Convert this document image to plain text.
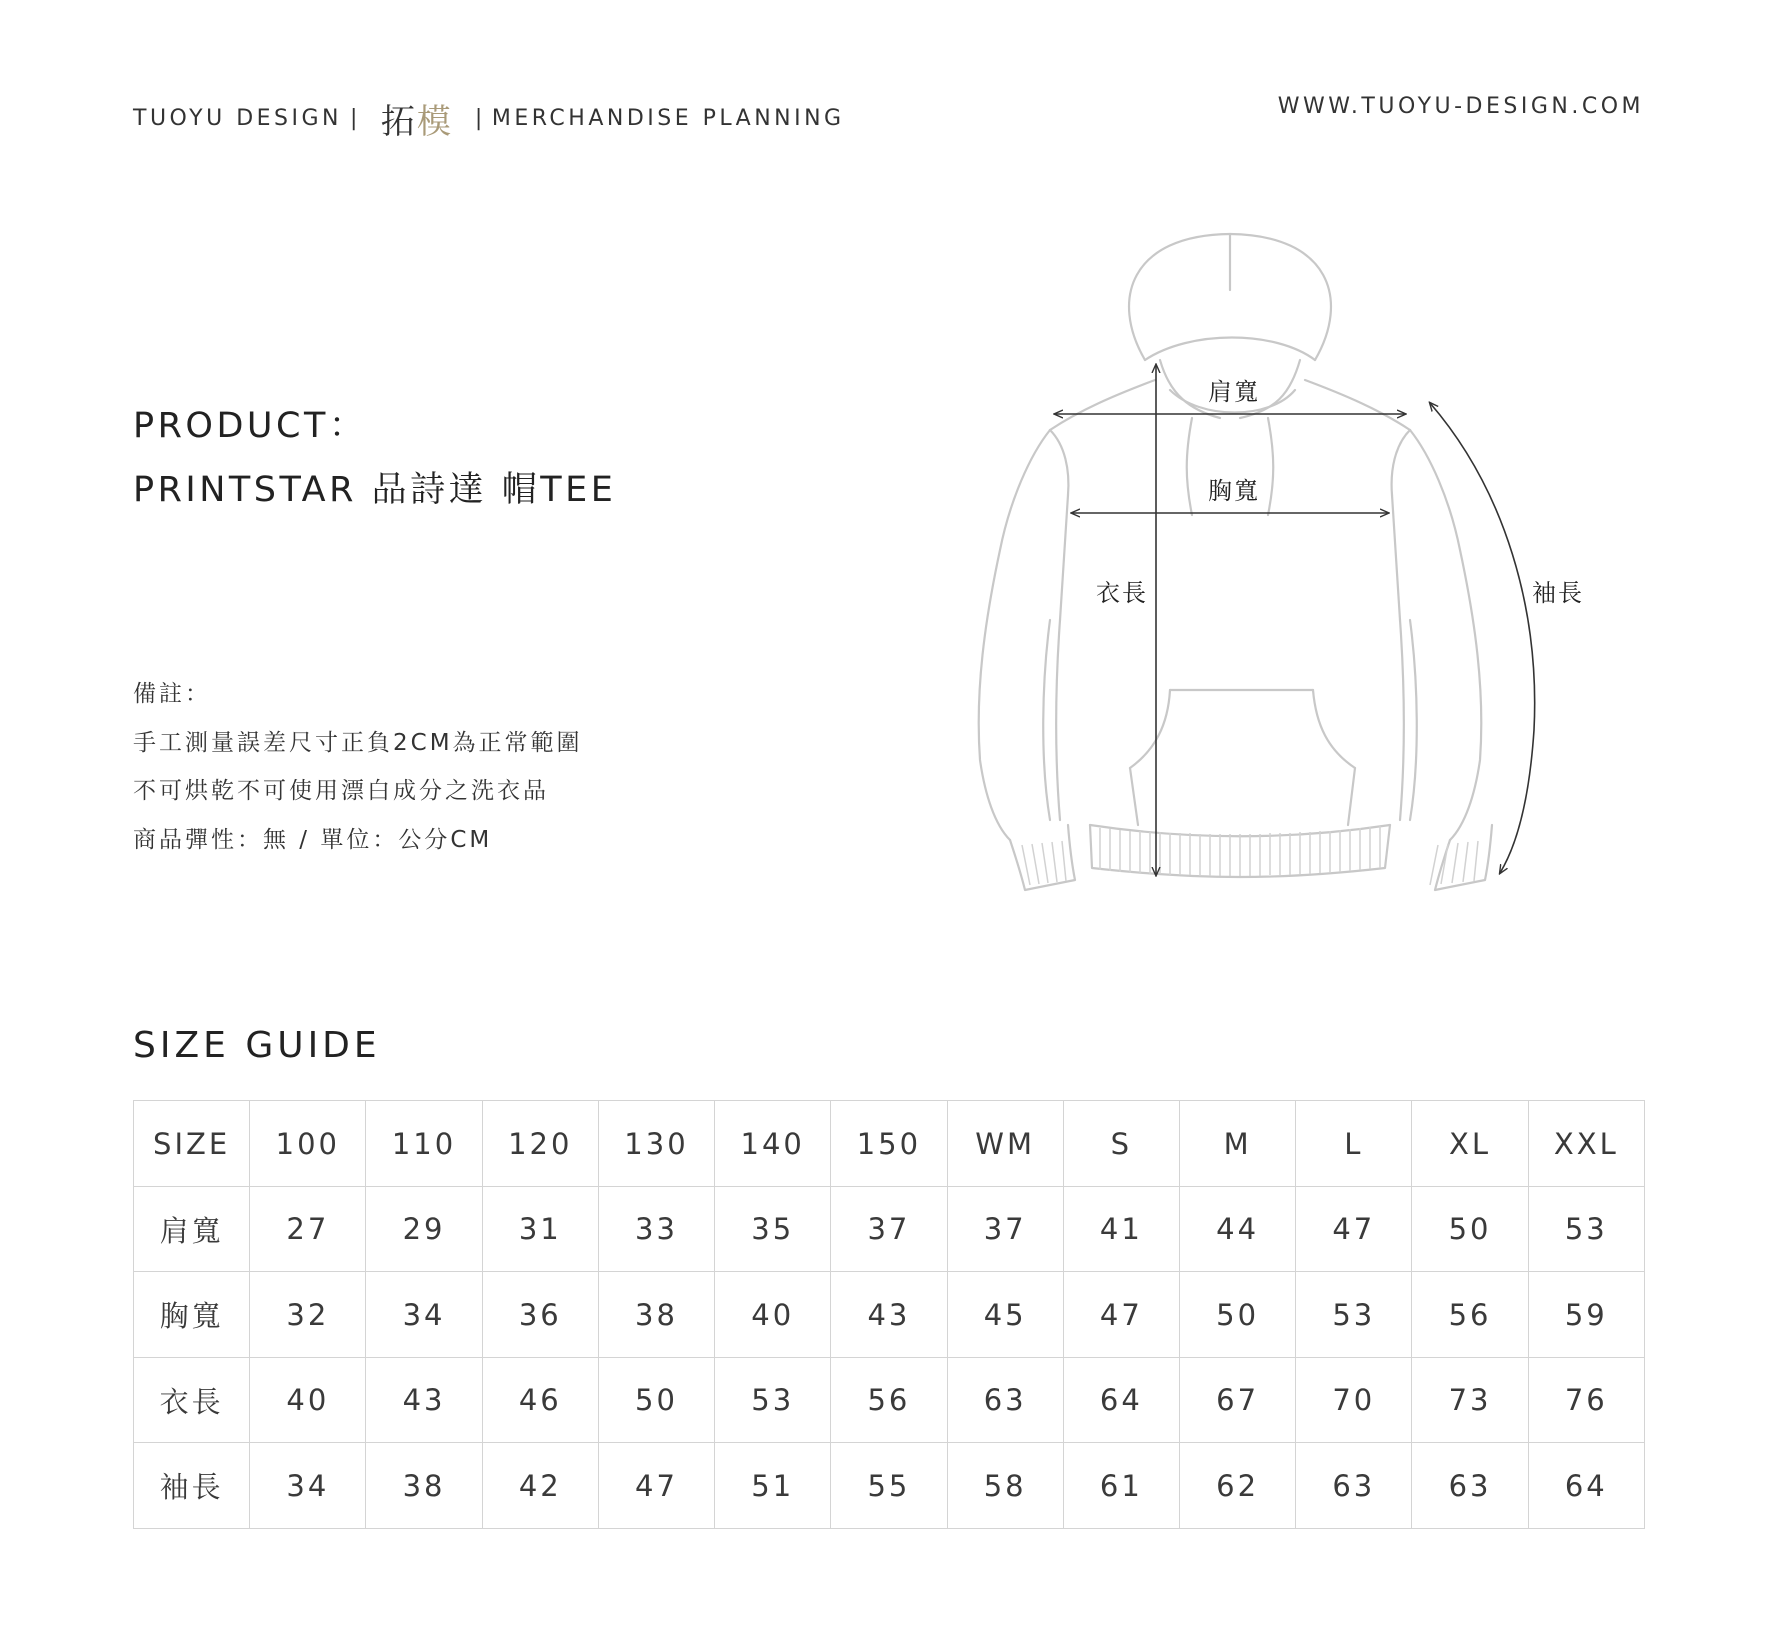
TUOYU DESIGN | 拓模 | MERCHANDISE PLANNING	WWW.TUOYU-DESIGN.COM
PRODUCT：
PRINTSTAR 品詩達 帽TEE
備註：
手工測量誤差尺寸正負2CM為正常範圍
不可烘乾不可使用漂白成分之洗衣品
商品彈性：無 / 單位：公分CM
肩寬
胸寬
衣長	袖長
SIZE GUIDE
SIZE	100	110	120	130	140	150	WM	S	M	L	XL	XXL
肩寬	27	29	31	33	35	37	37	41	44	47	50	53
胸寬	32	34	36	38	40	43	45	47	50	53	56	59
衣長	40	43	46	50	53	56	63	64	67	70	73	76
袖長	34	38	42	47	51	55	58	61	62	63	63	64
